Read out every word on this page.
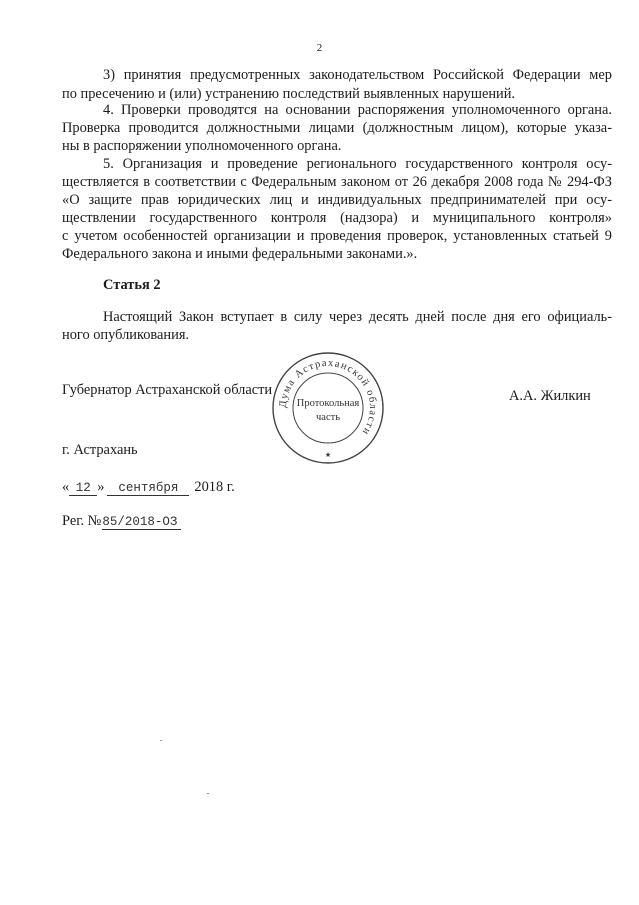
2
3) принятия предусмотренных законодательством Российской Федерации мер
по пресечению и (или) устранению последствий выявленных нарушений.
4. Проверки проводятся на основании распоряжения уполномоченного органа.
Проверка проводится должностными лицами (должностным лицом), которые указа-
ны в распоряжении уполномоченного органа.
5. Организация и проведение регионального государственного контроля осу-
ществляется в соответствии с Федеральным законом от 26 декабря 2008 года № 294-ФЗ
«О защите прав юридических лиц и индивидуальных предпринимателей при осу-
ществлении государственного контроля (надзора) и муниципального контроля»
с учетом особенностей организации и проведения проверок, установленных статьей 9
Федерального закона и иными федеральными законами.».
Статья 2
Настоящий Закон вступает в силу через десять дней после дня его официаль-
ного опубликования.
Губернатор Астраханской области	А.А. Жилкин
Дума Астраханской области
Протокольная
часть
★
г. Астрахань
« 12 » сентября 2018 г.
Рег. №85/2018-ОЗ
